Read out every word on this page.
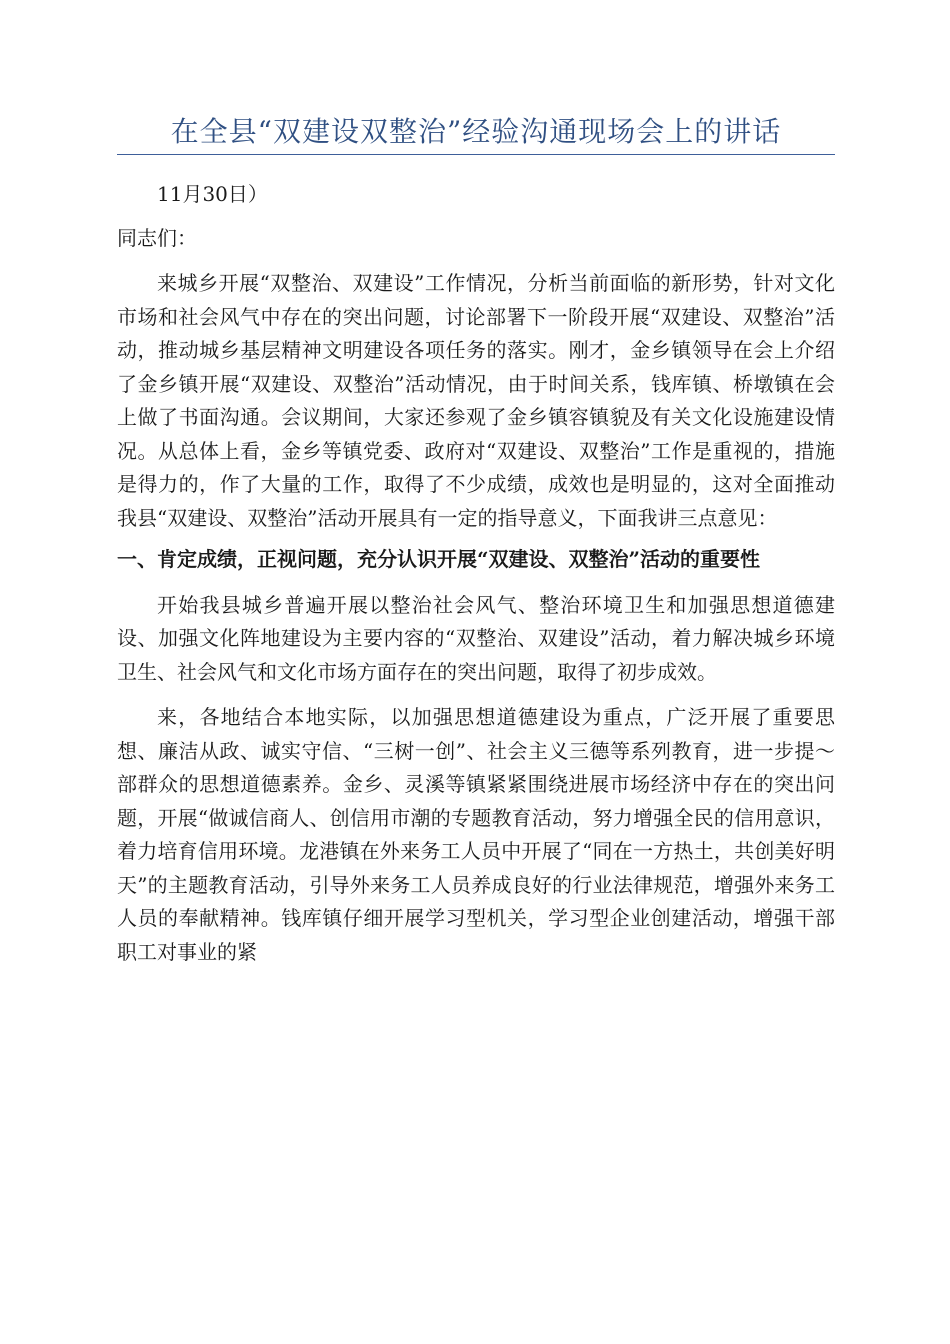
在全县“双建设双整治”经验沟通现场会上的讲话

11月30日）

同志们：

来城乡开展“双整治、双建设”工作情况，分析当前面临的新形势，针对文化市场和社会风气中存在的突出问题，讨论部署下一阶段开展“双建设、双整治”活动，推动城乡基层精神文明建设各项任务的落实。刚才，金乡镇领导在会上介绍了金乡镇开展“双建设、双整治”活动情况，由于时间关系，钱库镇、桥墩镇在会上做了书面沟通。会议期间，大家还参观了金乡镇容镇貌及有关文化设施建设情况。从总体上看，金乡等镇党委、政府对“双建设、双整治”工作是重视的，措施是得力的，作了大量的工作，取得了不少成绩，成效也是明显的，这对全面推动我县“双建设、双整治”活动开展具有一定的指导意义，下面我讲三点意见：

一、肯定成绩，正视问题，充分认识开展“双建设、双整治”活动的重要性

开始我县城乡普遍开展以整治社会风气、整治环境卫生和加强思想道德建设、加强文化阵地建设为主要内容的“双整治、双建设”活动，着力解决城乡环境卫生、社会风气和文化市场方面存在的突出问题，取得了初步成效。

来，各地结合本地实际，以加强思想道德建设为重点，广泛开展了重要思想、廉洁从政、诚实守信、“三树一创”、社会主义三德等系列教育，进一步提～部群众的思想道德素养。金乡、灵溪等镇紧紧围绕进展市场经济中存在的突出问题，开展“做诚信商人、创信用市潮的专题教育活动，努力增强全民的信用意识，着力培育信用环境。龙港镇在外来务工人员中开展了“同在一方热土，共创美好明天”的主题教育活动，引导外来务工人员养成良好的行业法律规范，增强外来务工人员的奉献精神。钱库镇仔细开展学习型机关，学习型企业创建活动，增强干部职工对事业的紧
